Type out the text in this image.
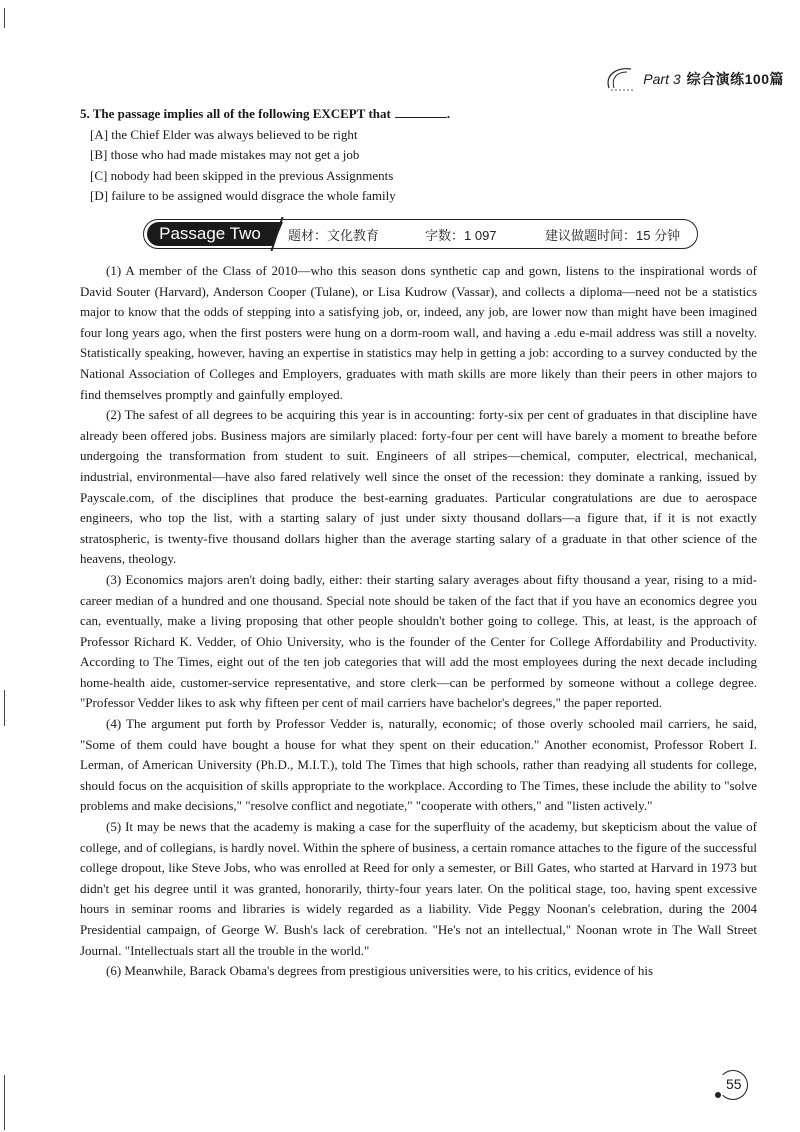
Part 3 综合演练100篇
5. The passage implies all of the following EXCEPT that	.
[A] the Chief Elder was always believed to be right
[B] those who had made mistakes may not get a job
[C] nobody had been skipped in the previous Assignments
[D] failure to be assigned would disgrace the whole family
Passage Two	题材：文化教育	字数：1 097	建议做题时间：15 分钟

(1) A member of the Class of 2010—who this season dons synthetic cap and gown, listens to the inspirational words of David Souter (Harvard), Anderson Cooper (Tulane), or Lisa Kudrow (Vassar), and collects a diploma—need not be a statistics major to know that the odds of stepping into a satisfying job, or, indeed, any job, are lower now than might have been imagined four long years ago, when the first posters were hung on a dorm-room wall, and having a .edu e-mail address was still a novelty. Statistically speaking, however, having an expertise in statistics may help in getting a job: according to a survey conducted by the National Association of Colleges and Employers, graduates with math skills are more likely than their peers in other majors to find themselves promptly and gainfully employed.

(2) The safest of all degrees to be acquiring this year is in accounting: forty-six per cent of graduates in that discipline have already been offered jobs. Business majors are similarly placed: forty-four per cent will have barely a moment to breathe before undergoing the transformation from student to suit. Engineers of all stripes—chemical, computer, electrical, mechanical, industrial, environmental—have also fared relatively well since the onset of the recession: they dominate a ranking, issued by Payscale.com, of the disciplines that produce the best-earning graduates. Particular congratulations are due to aerospace engineers, who top the list, with a starting salary of just under sixty thousand dollars—a figure that, if it is not exactly stratospheric, is twenty-five thousand dollars higher than the average starting salary of a graduate in that other science of the heavens, theology.

(3) Economics majors aren't doing badly, either: their starting salary averages about fifty thousand a year, rising to a mid-career median of a hundred and one thousand. Special note should be taken of the fact that if you have an economics degree you can, eventually, make a living proposing that other people shouldn't bother going to college. This, at least, is the approach of Professor Richard K. Vedder, of Ohio University, who is the founder of the Center for College Affordability and Productivity. According to The Times, eight out of the ten job categories that will add the most employees during the next decade including home-health aide, customer-service representative, and store clerk—can be performed by someone without a college degree. "Professor Vedder likes to ask why fifteen per cent of mail carriers have bachelor's degrees," the paper reported.

(4) The argument put forth by Professor Vedder is, naturally, economic; of those overly schooled mail carriers, he said, "Some of them could have bought a house for what they spent on their education." Another economist, Professor Robert I. Lerman, of American University (Ph.D., M.I.T.), told The Times that high schools, rather than readying all students for college, should focus on the acquisition of skills appropriate to the workplace. According to The Times, these include the ability to "solve problems and make decisions," "resolve conflict and negotiate," "cooperate with others," and "listen actively."

(5) It may be news that the academy is making a case for the superfluity of the academy, but skepticism about the value of college, and of collegians, is hardly novel. Within the sphere of business, a certain romance attaches to the figure of the successful college dropout, like Steve Jobs, who was enrolled at Reed for only a semester, or Bill Gates, who started at Harvard in 1973 but didn't get his degree until it was granted, honorarily, thirty-four years later. On the political stage, too, having spent excessive hours in seminar rooms and libraries is widely regarded as a liability. Vide Peggy Noonan's celebration, during the 2004 Presidential campaign, of George W. Bush's lack of cerebration. "He's not an intellectual," Noonan wrote in The Wall Street Journal. "Intellectuals start all the trouble in the world."

(6) Meanwhile, Barack Obama's degrees from prestigious universities were, to his critics, evidence of his

55
